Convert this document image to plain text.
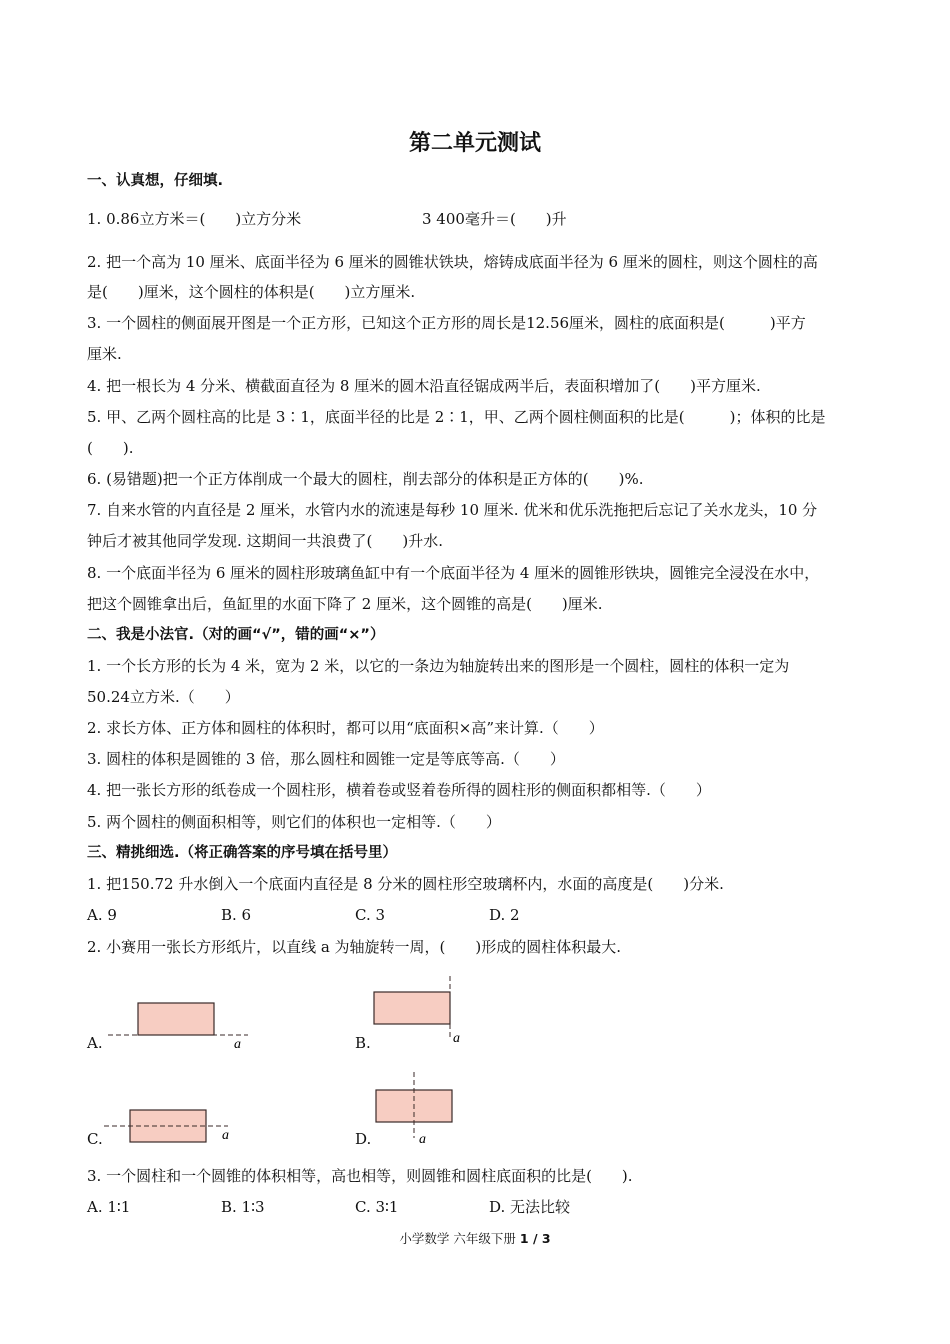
第二单元测试
一、认真想，仔细填.
1. 0.86立方米＝(　　)立方分米	3 400毫升＝(　　)升
2. 把一个高为 10 厘米、底面半径为 6 厘米的圆锥状铁块，熔铸成底面半径为 6 厘米的圆柱，则这个圆柱的高
是(　　)厘米，这个圆柱的体积是(　　)立方厘米.
3. 一个圆柱的侧面展开图是一个正方形，已知这个正方形的周长是12.56厘米，圆柱的底面积是(　　　)平方
厘米.
4. 把一根长为 4 分米、横截面直径为 8 厘米的圆木沿直径锯成两半后，表面积增加了(　　)平方厘米.
5. 甲、乙两个圆柱高的比是 3∶1，底面半径的比是 2∶1，甲、乙两个圆柱侧面积的比是(　　　)；体积的比是
(　　).
6. (易错题)把一个正方体削成一个最大的圆柱，削去部分的体积是正方体的(　　)%.
7. 自来水管的内直径是 2 厘米，水管内水的流速是每秒 10 厘米. 优米和优乐洗拖把后忘记了关水龙头，10 分
钟后才被其他同学发现. 这期间一共浪费了(　　)升水.
8. 一个底面半径为 6 厘米的圆柱形玻璃鱼缸中有一个底面半径为 4 厘米的圆锥形铁块，圆锥完全浸没在水中，
把这个圆锥拿出后，鱼缸里的水面下降了 2 厘米，这个圆锥的高是(　　)厘米.
二、我是小法官.（对的画“√”，错的画“×”）
1. 一个长方形的长为 4 米，宽为 2 米，以它的一条边为轴旋转出来的图形是一个圆柱，圆柱的体积一定为
50.24立方米.（　　）
2. 求长方体、正方体和圆柱的体积时，都可以用“底面积×高”来计算.（　　）
3. 圆柱的体积是圆锥的 3 倍，那么圆柱和圆锥一定是等底等高.（　　）
4. 把一张长方形的纸卷成一个圆柱形，横着卷或竖着卷所得的圆柱形的侧面积都相等.（　　）
5. 两个圆柱的侧面积相等，则它们的体积也一定相等.（　　）
三、精挑细选.（将正确答案的序号填在括号里）
1. 把150.72 升水倒入一个底面内直径是 8 分米的圆柱形空玻璃杯内，水面的高度是(　　)分米.
A. 9	B. 6	C. 3	D. 2
2. 小赛用一张长方形纸片，以直线 a 为轴旋转一周，(　　)形成的圆柱体积最大.
A.	a	B.	a
C.	a	D.	a
3. 一个圆柱和一个圆锥的体积相等，高也相等，则圆锥和圆柱底面积的比是(　　).
A. 1∶1	B. 1∶3	C. 3∶1	D. 无法比较
小学数学 六年级下册 1 / 3
